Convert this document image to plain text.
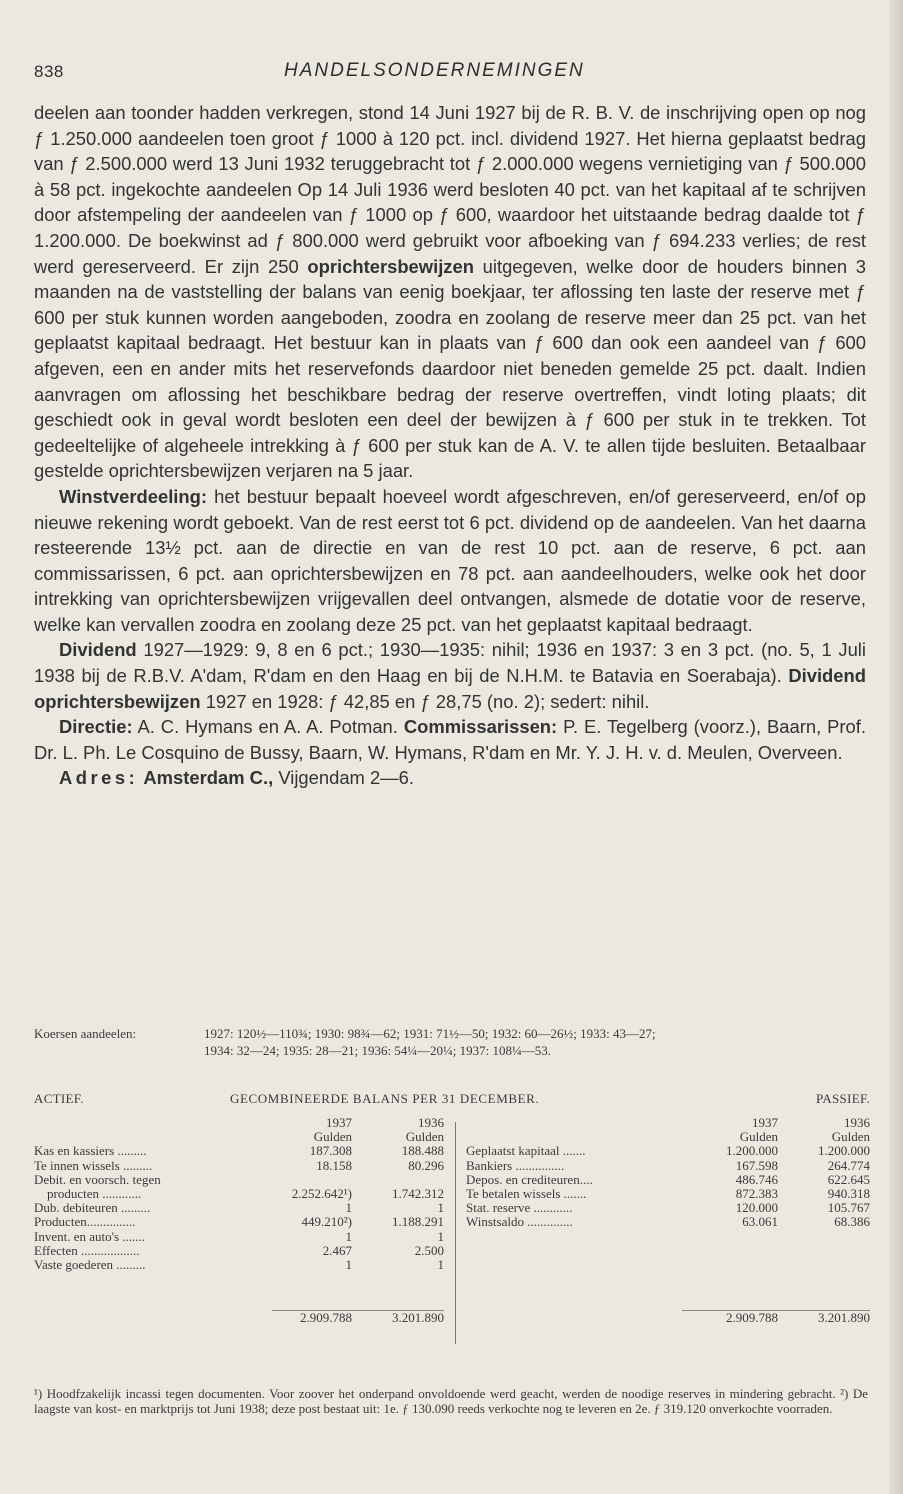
838	HANDELSONDERNEMINGEN

deelen aan toonder hadden verkregen, stond 14 Juni 1927 bij de R. B. V. de inschrijving open op nog ƒ 1.250.000 aandeelen toen groot ƒ 1000 à 120 pct. incl. dividend 1927. Het hierna geplaatst bedrag van ƒ 2.500.000 werd 13 Juni 1932 teruggebracht tot ƒ 2.000.000 wegens vernietiging van ƒ 500.000 à 58 pct. ingekochte aandeelen Op 14 Juli 1936 werd besloten 40 pct. van het kapitaal af te schrijven door afstempeling der aandeelen van ƒ 1000 op ƒ 600, waardoor het uitstaande bedrag daalde tot ƒ 1.200.000. De boekwinst ad ƒ 800.000 werd gebruikt voor afboeking van ƒ 694.233 verlies; de rest werd gereserveerd. Er zijn 250 oprichtersbewijzen uitgegeven, welke door de houders binnen 3 maanden na de vaststelling der balans van eenig boekjaar, ter aflossing ten laste der reserve met ƒ 600 per stuk kunnen worden aangeboden, zoodra en zoolang de reserve meer dan 25 pct. van het geplaatst kapitaal bedraagt. Het bestuur kan in plaats van ƒ 600 dan ook een aandeel van ƒ 600 afgeven, een en ander mits het reservefonds daardoor niet beneden gemelde 25 pct. daalt. Indien aanvragen om aflossing het beschikbare bedrag der reserve overtreffen, vindt loting plaats; dit geschiedt ook in geval wordt besloten een deel der bewijzen à ƒ 600 per stuk in te trekken. Tot gedeeltelijke of algeheele intrekking à ƒ 600 per stuk kan de A. V. te allen tijde besluiten. Betaalbaar gestelde oprichtersbewijzen verjaren na 5 jaar.

Winstverdeeling: het bestuur bepaalt hoeveel wordt afgeschreven, en/of gereserveerd, en/of op nieuwe rekening wordt geboekt. Van de rest eerst tot 6 pct. dividend op de aandeelen. Van het daarna resteerende 13½ pct. aan de directie en van de rest 10 pct. aan de reserve, 6 pct. aan commissarissen, 6 pct. aan oprichtersbewijzen en 78 pct. aan aandeelhouders, welke ook het door intrekking van oprichtersbewijzen vrijgevallen deel ontvangen, alsmede de dotatie voor de reserve, welke kan vervallen zoodra en zoolang deze 25 pct. van het geplaatst kapitaal bedraagt.

Dividend 1927—1929: 9, 8 en 6 pct.; 1930—1935: nihil; 1936 en 1937: 3 en 3 pct. (no. 5, 1 Juli 1938 bij de R.B.V. A'dam, R'dam en den Haag en bij de N.H.M. te Batavia en Soerabaja). Dividend oprichtersbewijzen 1927 en 1928: ƒ 42,85 en ƒ 28,75 (no. 2); sedert: nihil.

Directie: A. C. Hymans en A. A. Potman. Commissarissen: P. E. Tegelberg (voorz.), Baarn, Prof. Dr. L. Ph. Le Cosquino de Bussy, Baarn, W. Hymans, R'dam en Mr. Y. J. H. v. d. Meulen, Overveen.

Adres: Amsterdam C., Vijgendam 2—6.

Koersen aandeelen:	1927: 120½—110¾; 1930: 98¾—62; 1931: 71½—50; 1932: 60—26½; 1933: 43—27;
1934: 32—24; 1935: 28—21; 1936: 54¼—20¼; 1937: 108¼—53.
ACTIEF.	GECOMBINEERDE BALANS PER 31 DECEMBER.	PASSIEF.
1937	1936
Gulden	Gulden
Kas en kassiers .........	187.308	188.488
Te innen wissels .........	18.158	80.296
Debit. en voorsch. tegen
producten ............	2.252.642¹)	1.742.312
Dub. debiteuren .........	1	1
Producten...............	449.210²)	1.188.291
Invent. en auto's .......	1	1
Effecten ..................	2.467	2.500
Vaste goederen .........	1	1
1937	1936
Gulden	Gulden
Geplaatst kapitaal .......	1.200.000	1.200.000
Bankiers ...............	167.598	264.774
Depos. en crediteuren....	486.746	622.645
Te betalen wissels .......	872.383	940.318
Stat. reserve ............	120.000	105.767
Winstsaldo ..............	63.061	68.386
2.909.788	3.201.890	2.909.788	3.201.890
¹) Hoodfzakelijk incassi tegen documenten. Voor zoover het onderpand onvoldoende werd geacht, werden de noodige reserves in mindering gebracht. ²) De laagste van kost- en marktprijs tot Juni 1938; deze post bestaat uit: 1e. ƒ 130.090 reeds verkochte nog te leveren en 2e. ƒ 319.120 onverkochte voorraden.
